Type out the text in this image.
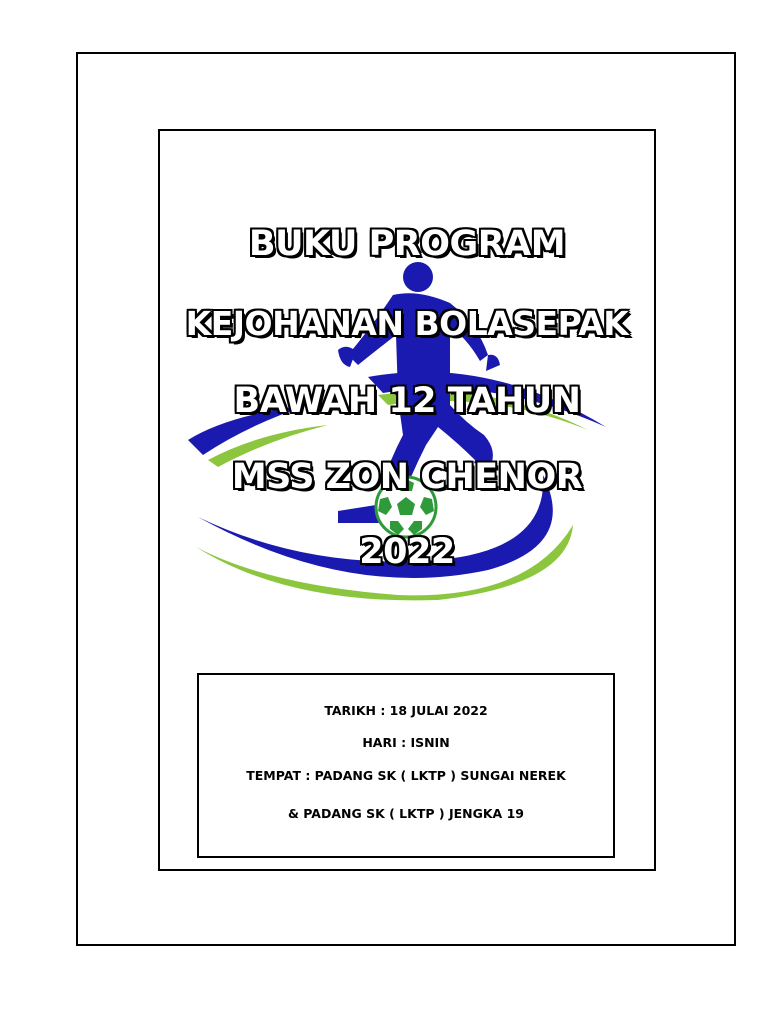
BUKU PROGRAM
KEJOHANAN BOLASEPAK
BAWAH 12 TAHUN
MSS ZON CHENOR
2022
TARIKH : 18 JULAI 2022
HARI : ISNIN
TEMPAT : PADANG SK ( LKTP ) SUNGAI NEREK
& PADANG SK ( LKTP ) JENGKA 19
